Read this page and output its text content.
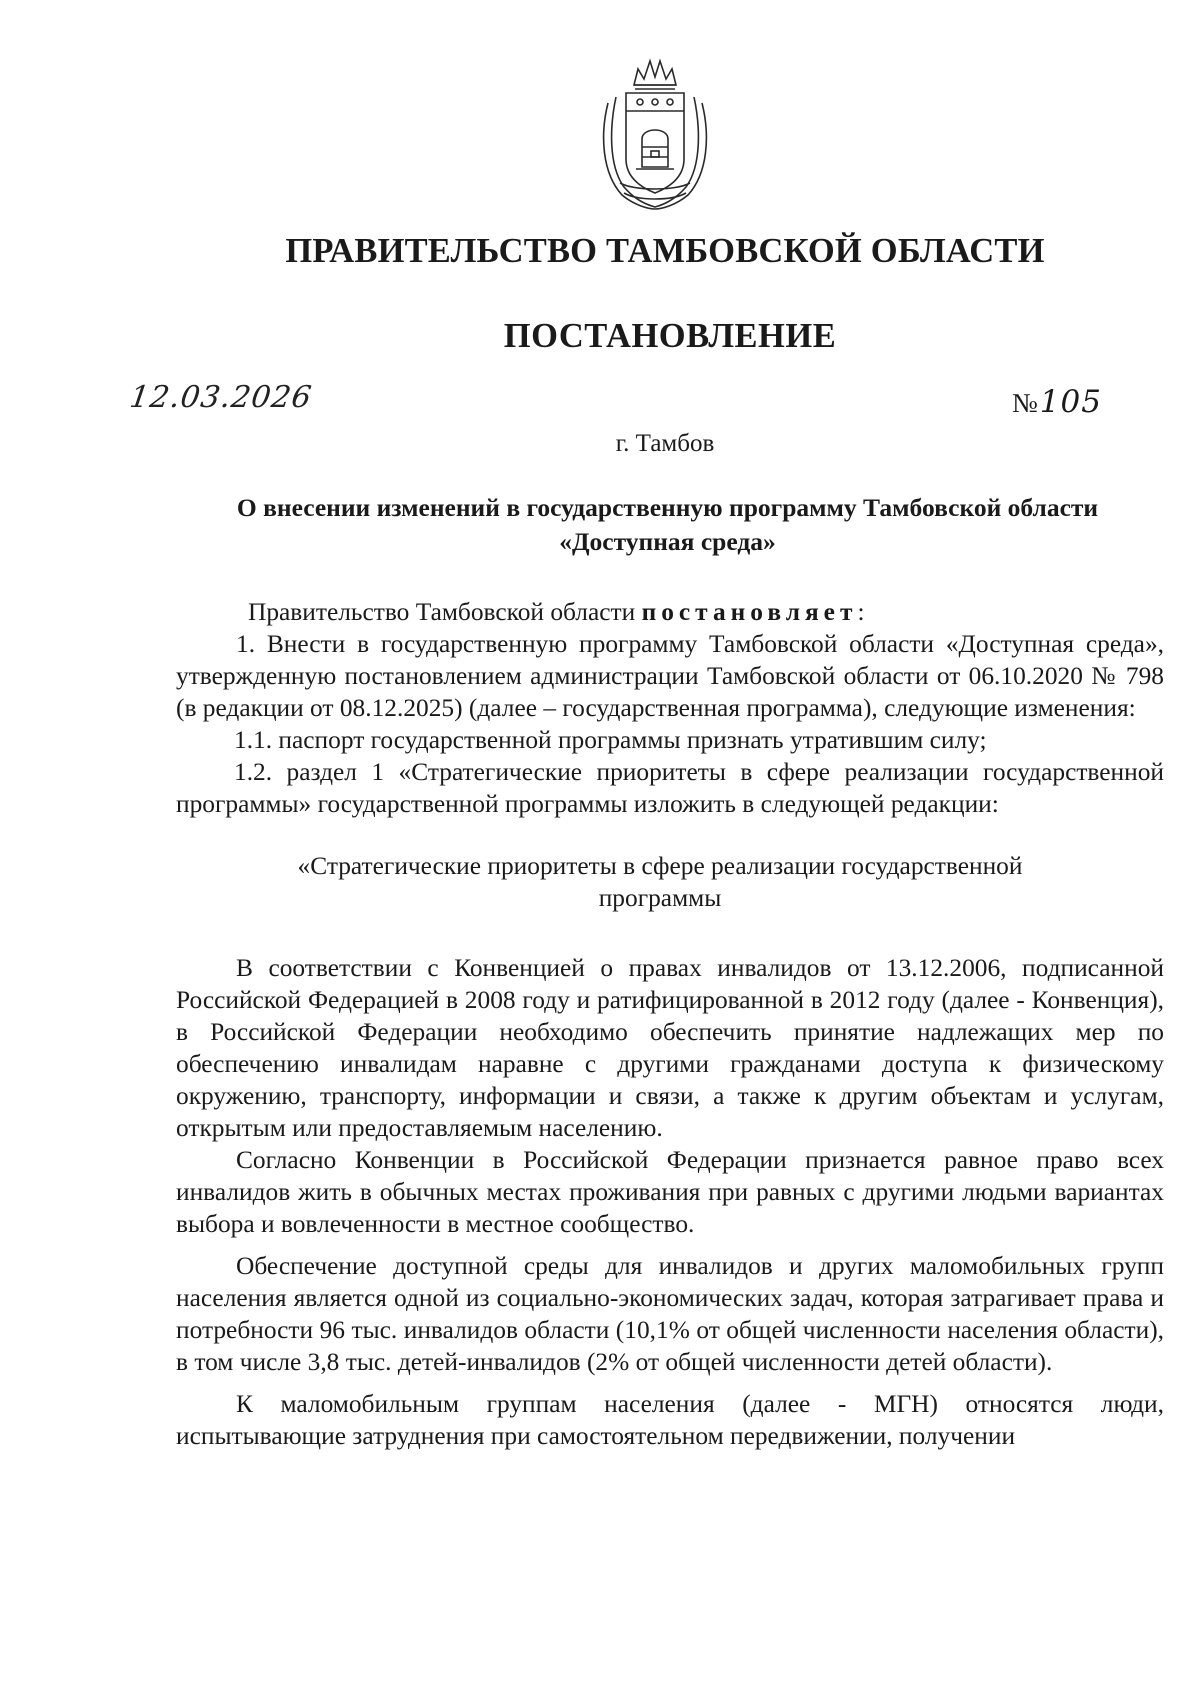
ПРАВИТЕЛЬСТВО ТАМБОВСКОЙ ОБЛАСТИ
ПОСТАНОВЛЕНИЕ
12.03.2026	№105
г. Тамбов
О внесении изменений в государственную программу Тамбовской области
«Доступная среда»

Правительство Тамбовской области постановляет:

1. Внести в государственную программу Тамбовской области «Доступная среда», утвержденную постановлением администрации Тамбовской области от 06.10.2020 № 798 (в редакции от 08.12.2025) (далее – государственная программа), следующие изменения:

1.1. паспорт государственной программы признать утратившим силу;

1.2. раздел 1 «Стратегические приоритеты в сфере реализации государственной программы» государственной программы изложить в следующей редакции:

«Стратегические приоритеты в сфере реализации государственной программы

В соответствии с Конвенцией о правах инвалидов от 13.12.2006, подписанной Российской Федерацией в 2008 году и ратифицированной в 2012 году (далее - Конвенция), в Российской Федерации необходимо обеспечить принятие надлежащих мер по обеспечению инвалидам наравне с другими гражданами доступа к физическому окружению, транспорту, информации и связи, а также к другим объектам и услугам, открытым или предоставляемым населению.

Согласно Конвенции в Российской Федерации признается равное право всех инвалидов жить в обычных местах проживания при равных с другими людьми вариантах выбора и вовлеченности в местное сообщество.

Обеспечение доступной среды для инвалидов и других маломобильных групп населения является одной из социально-экономических задач, которая затрагивает права и потребности 96 тыс. инвалидов области (10,1% от общей численности населения области), в том числе 3,8 тыс. детей-инвалидов (2% от общей численности детей области).

К маломобильным группам населения (далее - МГН) относятся люди, испытывающие затруднения при самостоятельном передвижении, получении
